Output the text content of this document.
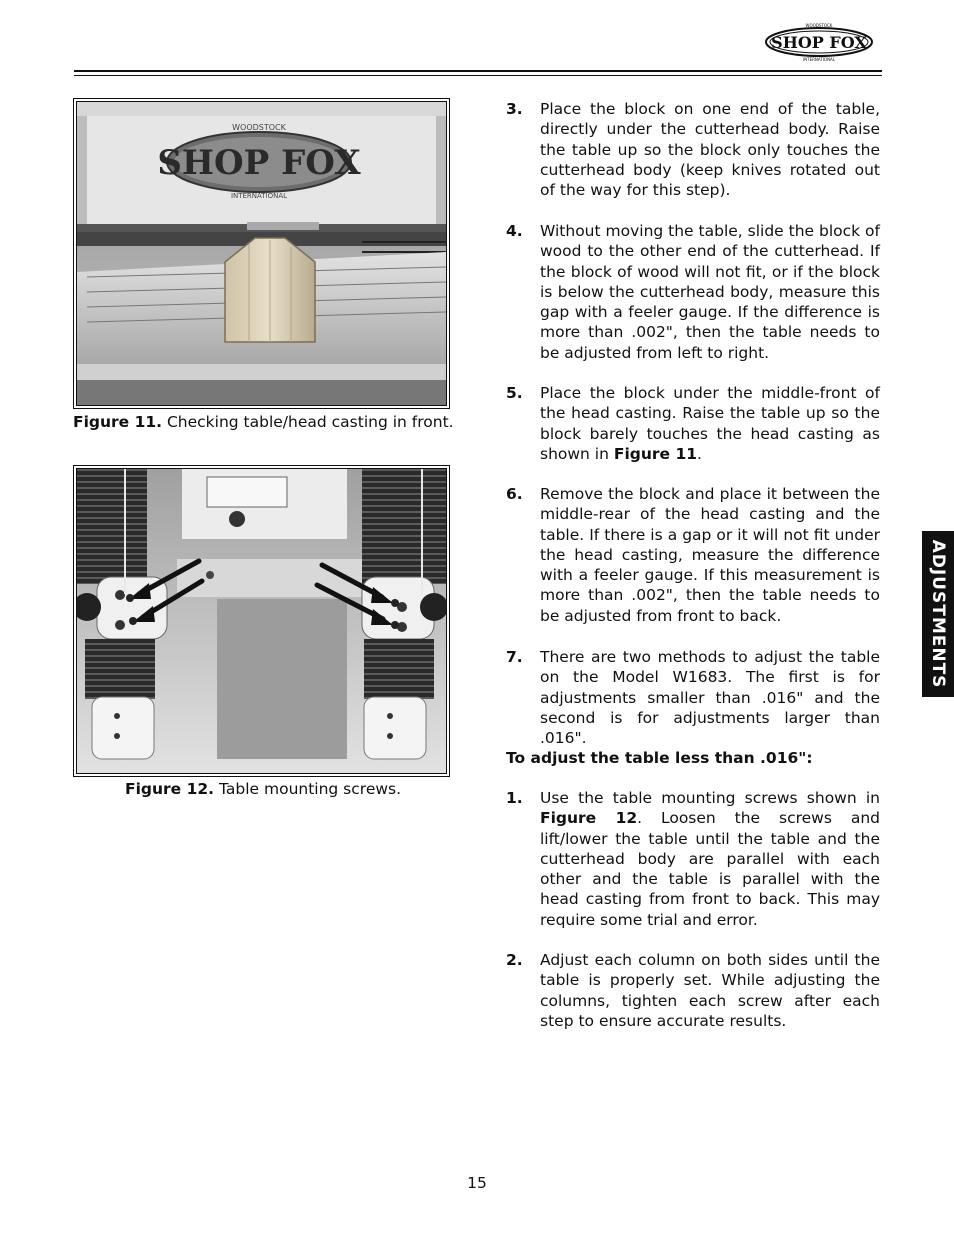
SHOP FOX
WOODSTOCK
INTERNATIONAL
SHOP FOX
WOODSTOCK
INTERNATIONAL
Figure 11. Checking table/head casting in front.
Figure 12. Table mounting screws.
3. Place the block on one end of the table, directly under the cutterhead body. Raise the table up so the block only touches the cutterhead body (keep knives rotated out of the way for this step).
4. Without moving the table, slide the block of wood to the other end of the cutterhead. If the block of wood will not fit, or if the block is below the cutterhead body, measure this gap with a feeler gauge. If the difference is more than .002", then the table needs to be adjusted from left to right.
5. Place the block under the middle-front of the head casting. Raise the table up so the block barely touches the head casting as shown in Figure 11.
6. Remove the block and place it between the middle-rear of the head casting and the table. If there is a gap or it will not fit under the head casting, measure the difference with a feeler gauge. If this measurement is more than .002", then the table needs to be adjusted from front to back.
7. There are two methods to adjust the table on the Model W1683. The first is for adjustments smaller than .016" and the second is for adjustments larger than .016".
To adjust the table less than .016":
1. Use the table mounting screws shown in Figure 12. Loosen the screws and lift/lower the table until the table and the cutterhead body are parallel with each other and the table is parallel with the head casting from front to back. This may require some trial and error.
2. Adjust each column on both sides until the table is properly set. While adjusting the columns, tighten each screw after each step to ensure accurate results.
ADJUSTMENTS
15
